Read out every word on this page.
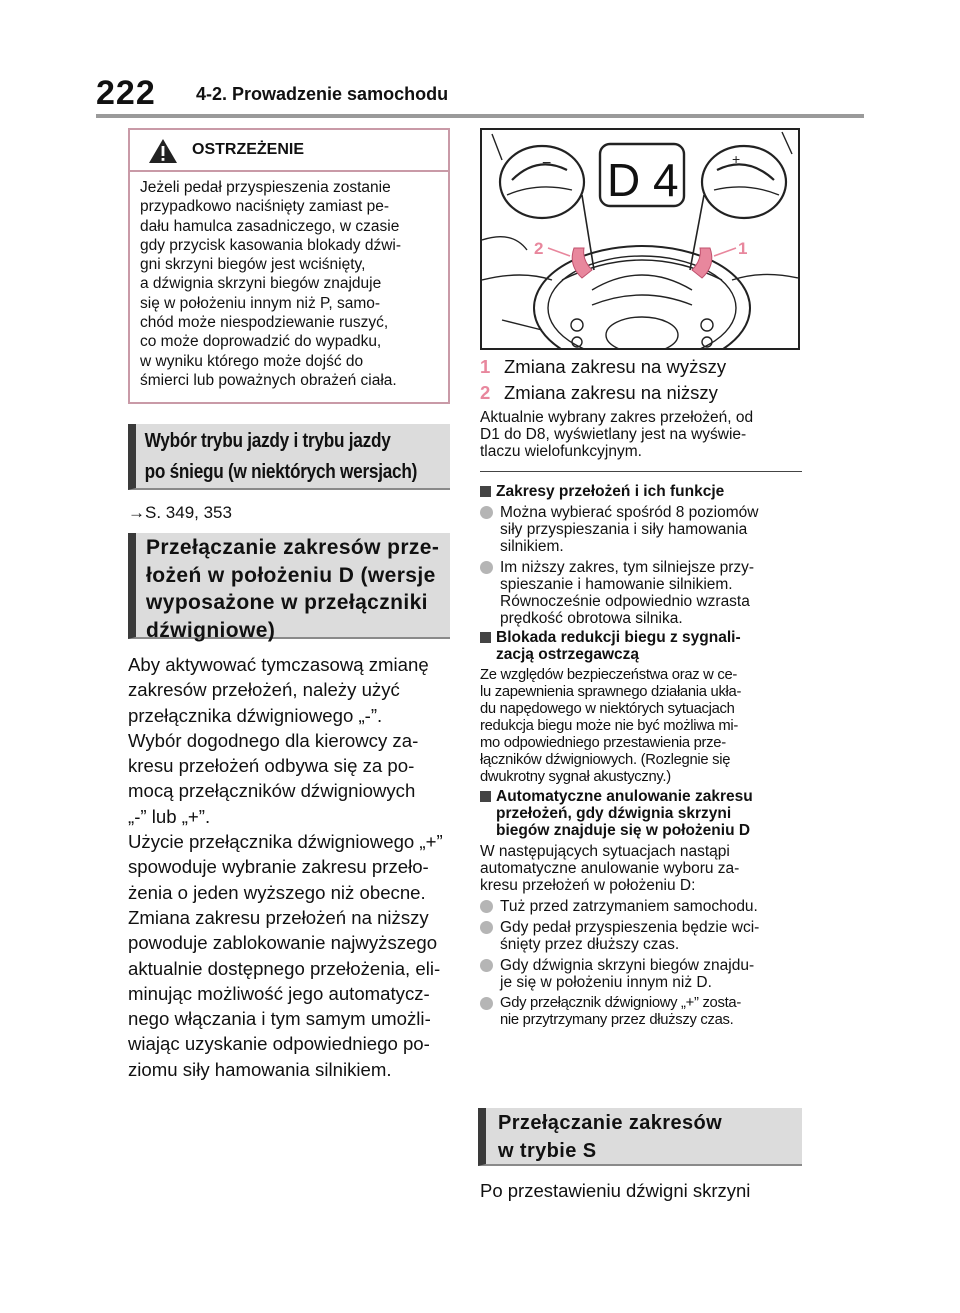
222 4-2. Prowadzenie samochodu
OSTRZEŻENIE
Jeżeli pedał przyspieszenia zostanie
przypadkowo naciśnięty zamiast pe-
dału hamulca zasadniczego, w czasie
gdy przycisk kasowania blokady dźwi-
gni skrzyni biegów jest wciśnięty,
a dźwignia skrzyni biegów znajduje
się w położeniu innym niż P, samo-
chód może niespodziewanie ruszyć,
co może doprowadzić do wypadku,
w wyniku którego może dojść do
śmierci lub poważnych obrażeń ciała.
Wybór trybu jazdy i trybu jazdy
po śniegu (w niektórych wersjach)
→S. 349, 353
Przełączanie zakresów prze-
łożeń w położeniu D (wersje
wyposażone w przełączniki
dźwigniowe)
Aby aktywować tymczasową zmianę
zakresów przełożeń, należy użyć
przełącznika dźwigniowego „-”.
Wybór dogodnego dla kierowcy za-
kresu przełożeń odbywa się za po-
mocą przełączników dźwigniowych
„-” lub „+”.
Użycie przełącznika dźwigniowego „+”
spowoduje wybranie zakresu przeło-
żenia o jeden wyższego niż obecne.
Zmiana zakresu przełożeń na niższy
powoduje zablokowanie najwyższego
aktualnie dostępnego przełożenia, eli-
minując możliwość jego automatycz-
nego włączania i tym samym umożli-
wiając uzyskanie odpowiedniego po-
ziomu siły hamowania silnikiem.
D 4
−	+
2	1
1 Zmiana zakresu na wyższy
2 Zmiana zakresu na niższy
Aktualnie wybrany zakres przełożeń, od
D1 do D8, wyświetlany jest na wyświe-
tlaczu wielofunkcyjnym.
Zakresy przełożeń i ich funkcje
Można wybierać spośród 8 poziomów
siły przyspieszania i siły hamowania
silnikiem.
Im niższy zakres, tym silniejsze przy-
spieszanie i hamowanie silnikiem.
Równocześnie odpowiednio wzrasta
prędkość obrotowa silnika.
Blokada redukcji biegu z sygnali-
zacją ostrzegawczą
Ze względów bezpieczeństwa oraz w ce-
lu zapewnienia sprawnego działania ukła-
du napędowego w niektórych sytuacjach
redukcja biegu może nie być możliwa mi-
mo odpowiedniego przestawienia prze-
łączników dźwigniowych. (Rozlegnie się
dwukrotny sygnał akustyczny.)
Automatyczne anulowanie zakresu
przełożeń, gdy dźwignia skrzyni
biegów znajduje się w położeniu D
W następujących sytuacjach nastąpi
automatyczne anulowanie wyboru za-
kresu przełożeń w położeniu D:
Tuż przed zatrzymaniem samochodu.
Gdy pedał przyspieszenia będzie wci-
śnięty przez dłuższy czas.
Gdy dźwignia skrzyni biegów znajdu-
je się w położeniu innym niż D.
Gdy przełącznik dźwigniowy „+” zosta-
nie przytrzymany przez dłuższy czas.
Przełączanie zakresów
w trybie S
Po przestawieniu dźwigni skrzyni
